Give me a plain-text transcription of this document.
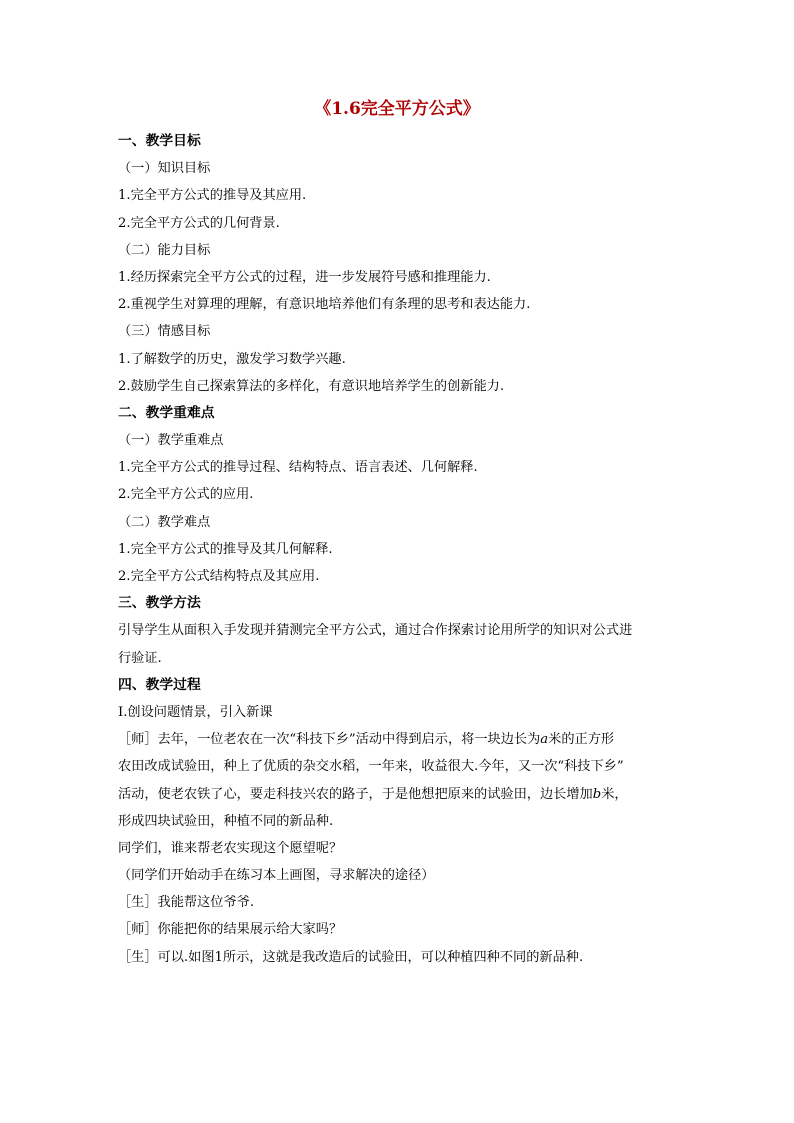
《1.6完全平方公式》
一、教学目标
（一）知识目标
1.完全平方公式的推导及其应用.
2.完全平方公式的几何背景.
（二）能力目标
1.经历探索完全平方公式的过程，进一步发展符号感和推理能力.
2.重视学生对算理的理解，有意识地培养他们有条理的思考和表达能力.
（三）情感目标
1.了解数学的历史，激发学习数学兴趣.
2.鼓励学生自己探索算法的多样化，有意识地培养学生的创新能力.
二、教学重难点
（一）教学重难点
1.完全平方公式的推导过程、结构特点、语言表述、几何解释.
2.完全平方公式的应用.
（二）教学难点
1.完全平方公式的推导及其几何解释.
2.完全平方公式结构特点及其应用.
三、教学方法
引导学生从面积入手发现并猜测完全平方公式，通过合作探索讨论用所学的知识对公式进
行验证.
四、教学过程
Ⅰ.创设问题情景，引入新课
［师］去年，一位老农在一次“科技下乡”活动中得到启示，将一块边长为a米的正方形
农田改成试验田，种上了优质的杂交水稻，一年来，收益很大.今年，又一次“科技下乡”
活动，使老农铁了心，要走科技兴农的路子，于是他想把原来的试验田，边长增加b米，
形成四块试验田，种植不同的新品种.
同学们，谁来帮老农实现这个愿望呢？
（同学们开始动手在练习本上画图，寻求解决的途径）
［生］我能帮这位爷爷.
［师］你能把你的结果展示给大家吗？
［生］可以.如图1所示，这就是我改造后的试验田，可以种植四种不同的新品种.
